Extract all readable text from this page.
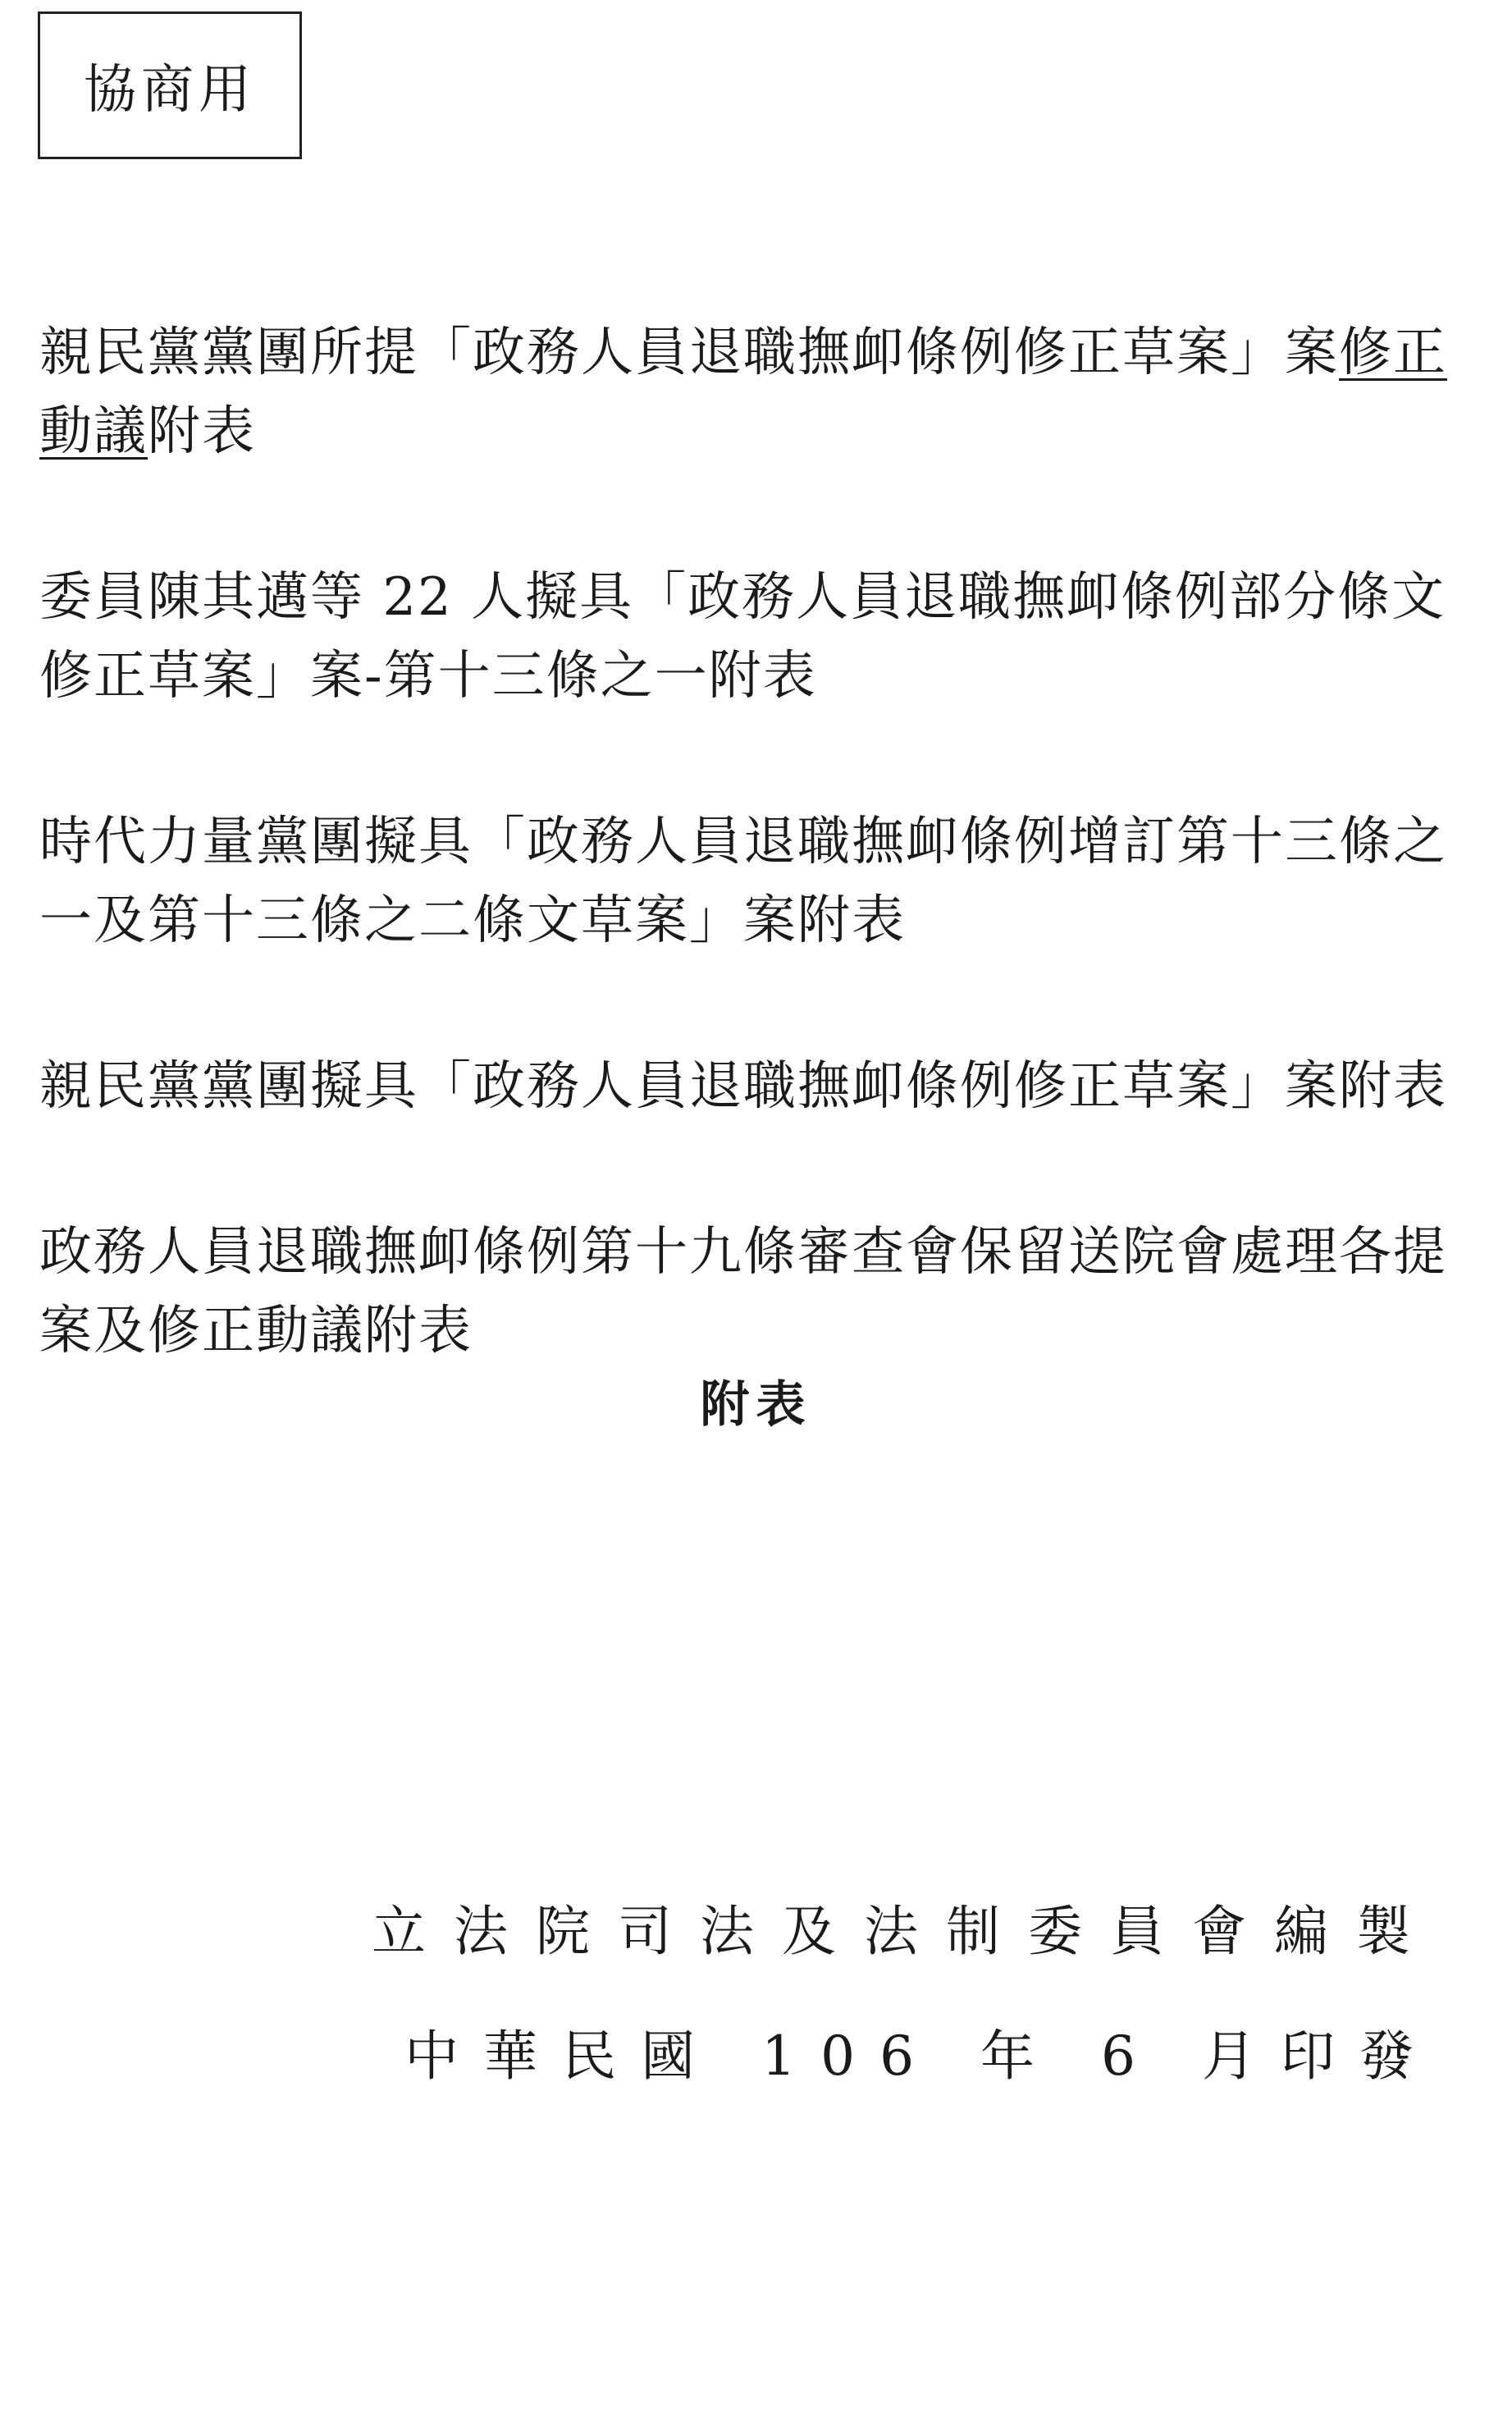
協商用
親民黨黨團所提「政務人員退職撫卹條例修正草案」案修正動議附表
委員陳其邁等 22 人擬具「政務人員退職撫卹條例部分條文修正草案」案-第十三條之一附表
時代力量黨團擬具「政務人員退職撫卹條例增訂第十三條之一及第十三條之二條文草案」案附表
親民黨黨團擬具「政務人員退職撫卹條例修正草案」案附表
政務人員退職撫卹條例第十九條審查會保留送院會處理各提案及修正動議附表
附表
立法院司法及法制委員會編製
中華民國 106 年 6 月印發
